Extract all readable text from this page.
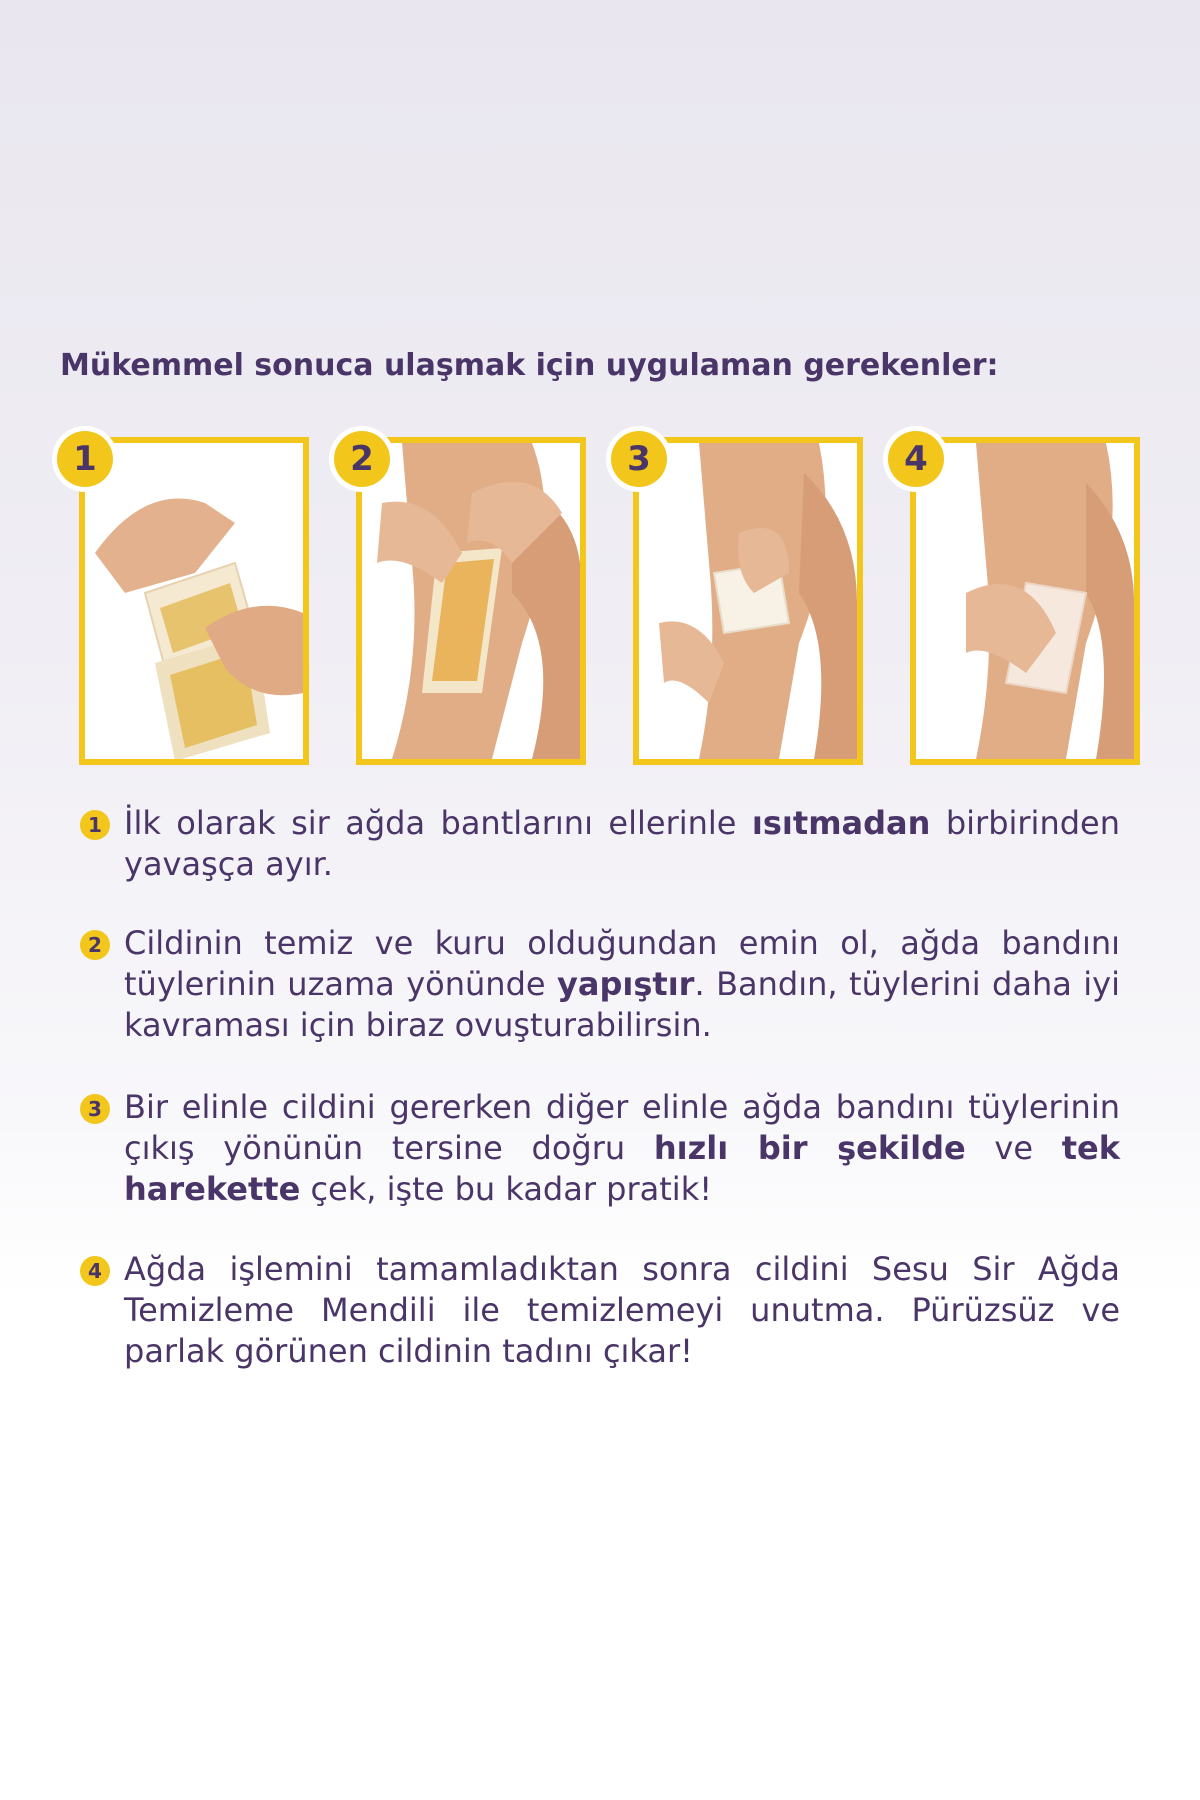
Mükemmel sonuca ulaşmak için uygulaman gerekenler:
1	2	3	4
1 İlk olarak sir ağda bantlarını ellerinle ısıtmadan birbirinden yavaşça ayır.

2 Cildinin temiz ve kuru olduğundan emin ol, ağda bandını tüylerinin uzama yönünde yapıştır. Bandın, tüylerini daha iyi kavraması için biraz ovuşturabilirsin.

3 Bir elinle cildini gererken diğer elinle ağda bandını tüylerinin çıkış yönünün tersine doğru hızlı bir şekilde ve tek harekette çek, işte bu kadar pratik!

4 Ağda işlemini tamamladıktan sonra cildini Sesu Sir Ağda Temizleme Mendili ile temizlemeyi unutma. Pürüzsüz ve parlak görünen cildinin tadını çıkar!
